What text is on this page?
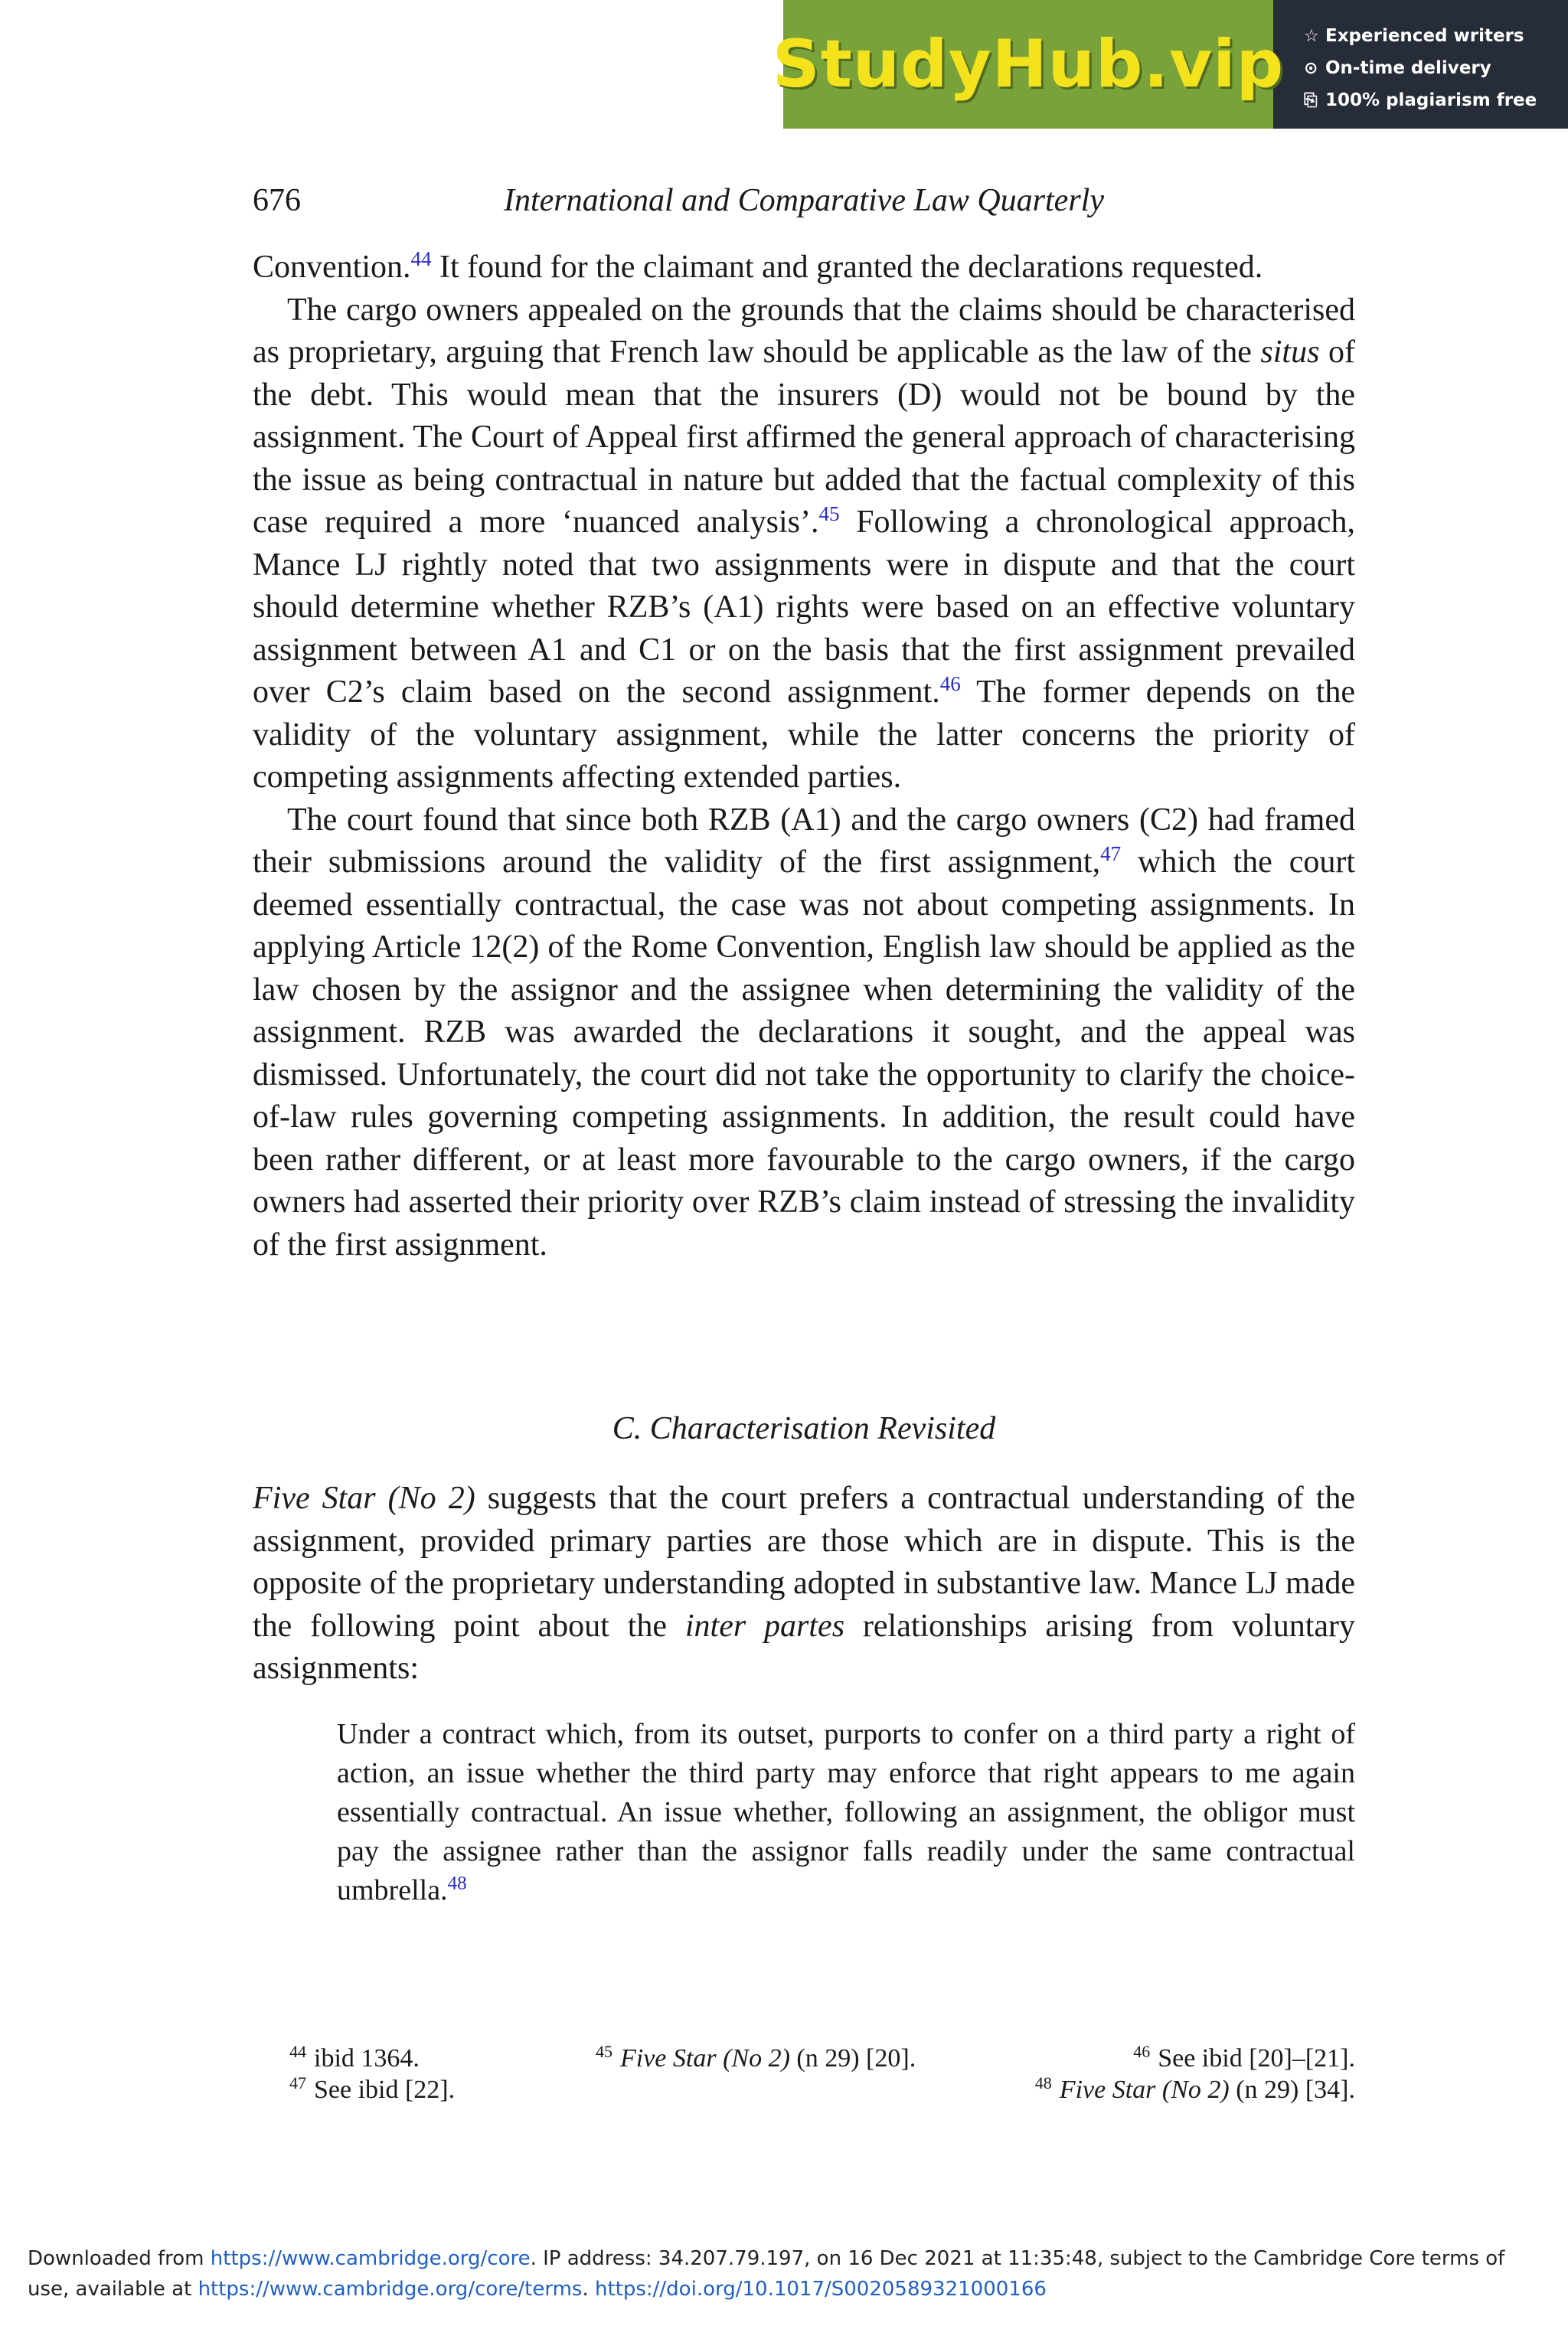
StudyHub.vip ☆ Experienced writers
⊙ On-time delivery
⎘ 100% plagiarism free
International and Comparative Law Quarterly
676

Convention.$^{44}$ It found for the claimant and granted the declarations requested.

The cargo owners appealed on the grounds that the claims should be characterised as proprietary, arguing that French law should be applicable as the law of the situs of the debt. This would mean that the insurers (D) would not be bound by the assignment. The Court of Appeal first affirmed the general approach of characterising the issue as being contractual in nature but added that the factual complexity of this case required a more ‘nuanced analysis’.$^{45}$ Following a chronological approach, Mance LJ rightly noted that two assignments were in dispute and that the court should determine whether RZB’s (A1) rights were based on an effective voluntary assignment between A1 and C1 or on the basis that the first assignment prevailed over C2’s claim based on the second assignment.$^{46}$ The former depends on the validity of the voluntary assignment, while the latter concerns the priority of competing assignments affecting extended parties.

The court found that since both RZB (A1) and the cargo owners (C2) had framed their submissions around the validity of the first assignment,$^{47}$ which the court deemed essentially contractual, the case was not about competing assignments. In applying Article 12(2) of the Rome Convention, English law should be applied as the law chosen by the assignor and the assignee when determining the validity of the assignment. RZB was awarded the declarations it sought, and the appeal was dismissed. Unfortunately, the court did not take the opportunity to clarify the choice-of-law rules governing competing assignments. In addition, the result could have been rather different, or at least more favourable to the cargo owners, if the cargo owners had asserted their priority over RZB’s claim instead of stressing the invalidity of the first assignment.

C. Characterisation Revisited

Five Star (No 2) suggests that the court prefers a contractual understanding of the assignment, provided primary parties are those which are in dispute. This is the opposite of the proprietary understanding adopted in substantive law. Mance LJ made the following point about the inter partes relationships arising from voluntary assignments:

Under a contract which, from its outset, purports to confer on a third party a right of action, an issue whether the third party may enforce that right appears to me again essentially contractual. An issue whether, following an assignment, the obligor must pay the assignee rather than the assignor falls readily under the same contractual umbrella.$^{48}$
$^{44}$ ibid 1364.	$^{45}$ Five Star (No 2) (n 29) [20].	$^{46}$ See ibid [20]–[21].
$^{47}$ See ibid [22].	$^{48}$ Five Star (No 2) (n 29) [34].
Downloaded from https://www.cambridge.org/core. IP address: 34.207.79.197, on 16 Dec 2021 at 11:35:48, subject to the Cambridge Core terms of
use, available at https://www.cambridge.org/core/terms. https://doi.org/10.1017/S0020589321000166
